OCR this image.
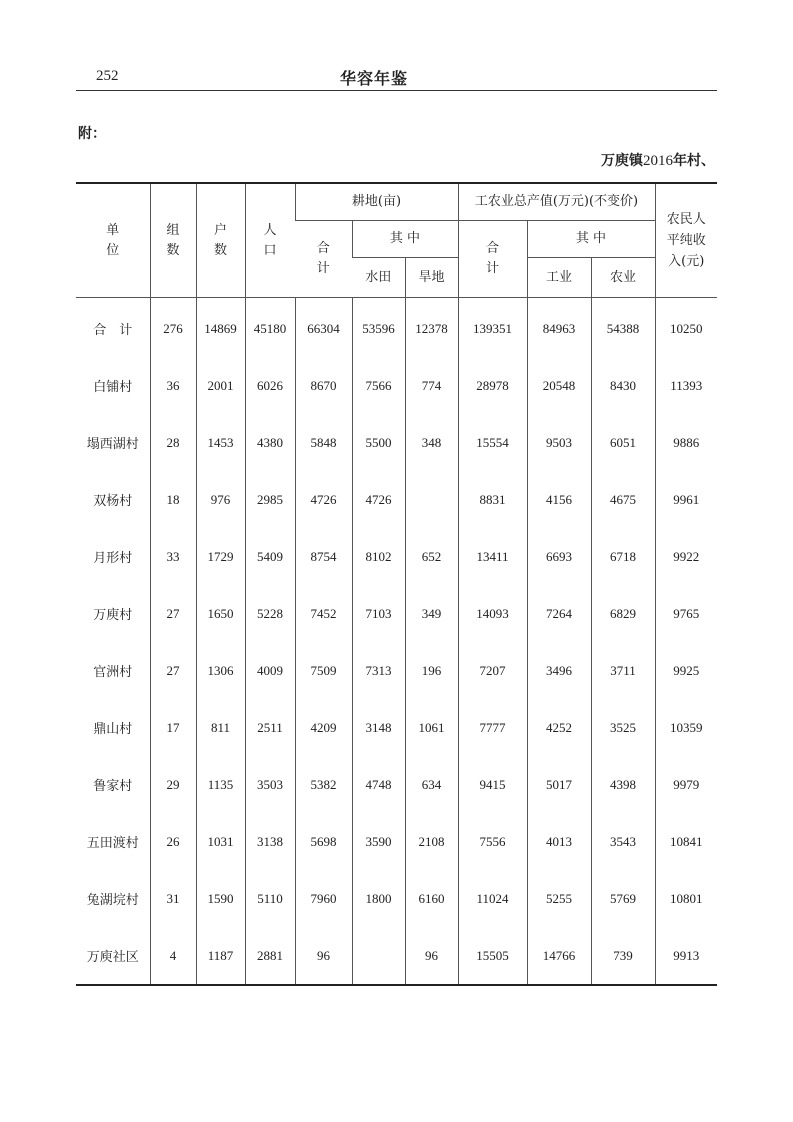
252	华容年鉴
附：
万庾镇2016年村、
单位	组数	户数	人口	耕地(亩)			工农业总产值(万元)(不变价)			农民人平纯收入(元)
				合计	其 中		合计	其 中		
					水田	旱地		工业	农业	
合　计	276	14869	45180	66304	53596	12378	139351	84963	54388	10250
白铺村	36	2001	6026	8670	7566	774	28978	20548	8430	11393
塌西湖村	28	1453	4380	5848	5500	348	15554	9503	6051	9886
双杨村	18	976	2985	4726	4726		8831	4156	4675	9961
月形村	33	1729	5409	8754	8102	652	13411	6693	6718	9922
万庾村	27	1650	5228	7452	7103	349	14093	7264	6829	9765
官洲村	27	1306	4009	7509	7313	196	7207	3496	3711	9925
鼎山村	17	811	2511	4209	3148	1061	7777	4252	3525	10359
鲁家村	29	1135	3503	5382	4748	634	9415	5017	4398	9979
五田渡村	26	1031	3138	5698	3590	2108	7556	4013	3543	10841
兔湖垸村	31	1590	5110	7960	1800	6160	11024	5255	5769	10801
万庾社区	4	1187	2881	96		96	15505	14766	739	9913
